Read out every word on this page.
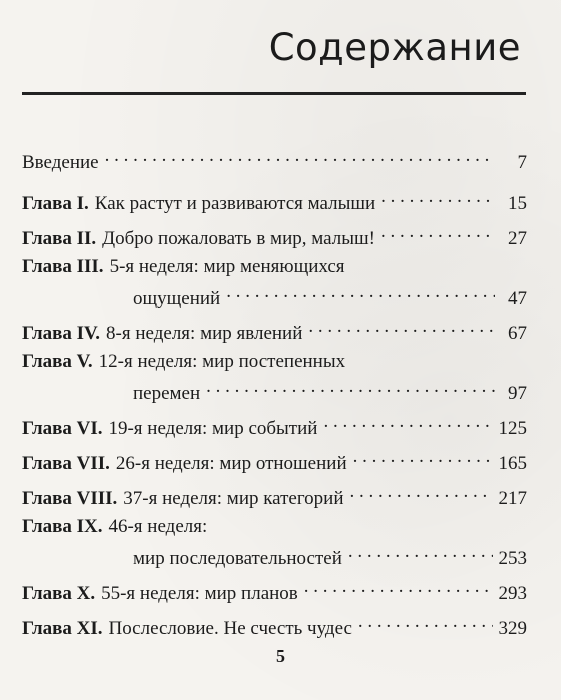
Содержание
Введение . . .	7
Глава I. Как растут и развиваются малыши . . .	15
Глава II. Добро пожаловать в мир, малыш! . . .	27
Глава III. 5-я неделя: мир меняющихся
ощущений . . .	47
Глава IV. 8-я неделя: мир явлений . . .	67
Глава V. 12-я неделя: мир постепенных
перемен . . .	97
Глава VI. 19-я неделя: мир событий . . .	125
Глава VII. 26-я неделя: мир отношений . . .	165
Глава VIII. 37-я неделя: мир категорий . . .	217
Глава IX. 46-я неделя:
мир последовательностей . . .	253
Глава X. 55-я неделя: мир планов . . .	293
Глава XI. Послесловие. Не счесть чудес . . .	329
5
